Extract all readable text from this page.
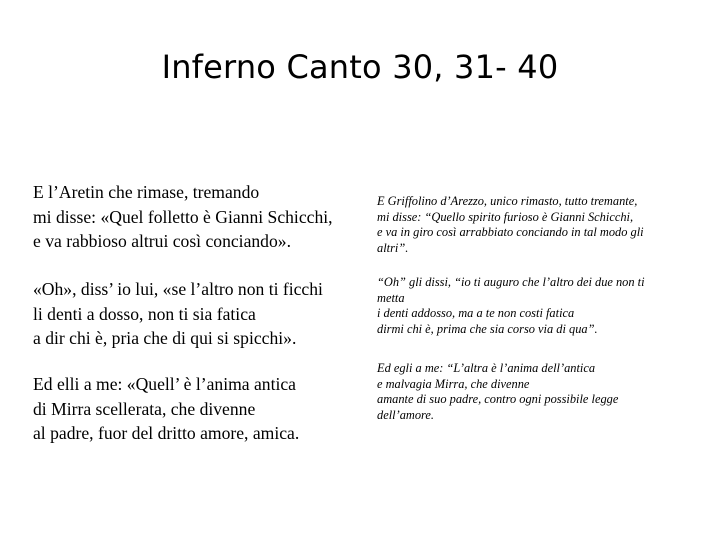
Inferno Canto 30, 31- 40
E l’Aretin che rimase, tremando
mi disse: «Quel folletto è Gianni Schicchi,
e va rabbioso altrui così conciando».
E Griffolino d’Arezzo, unico rimasto, tutto tremante,
mi disse: “Quello spirito furioso è Gianni Schicchi,
e va in giro così arrabbiato conciando in tal modo gli
altri”.
«Oh», diss’ io lui, «se l’altro non ti ficchi
li denti a dosso, non ti sia fatica
a dir chi è, pria che di qui si spicchi».
“Oh” gli dissi, “io ti auguro che l’altro dei due non ti
metta
i denti addosso, ma a te non costi fatica
dirmi chi è, prima che sia corso via di qua”.
Ed elli a me: «Quell’ è l’anima antica
di Mirra scellerata, che divenne
al padre, fuor del dritto amore, amica.
Ed egli a me: “L’altra è l’anima dell’antica
e malvagia Mirra, che divenne
amante di suo padre, contro ogni possibile legge
dell’amore.
